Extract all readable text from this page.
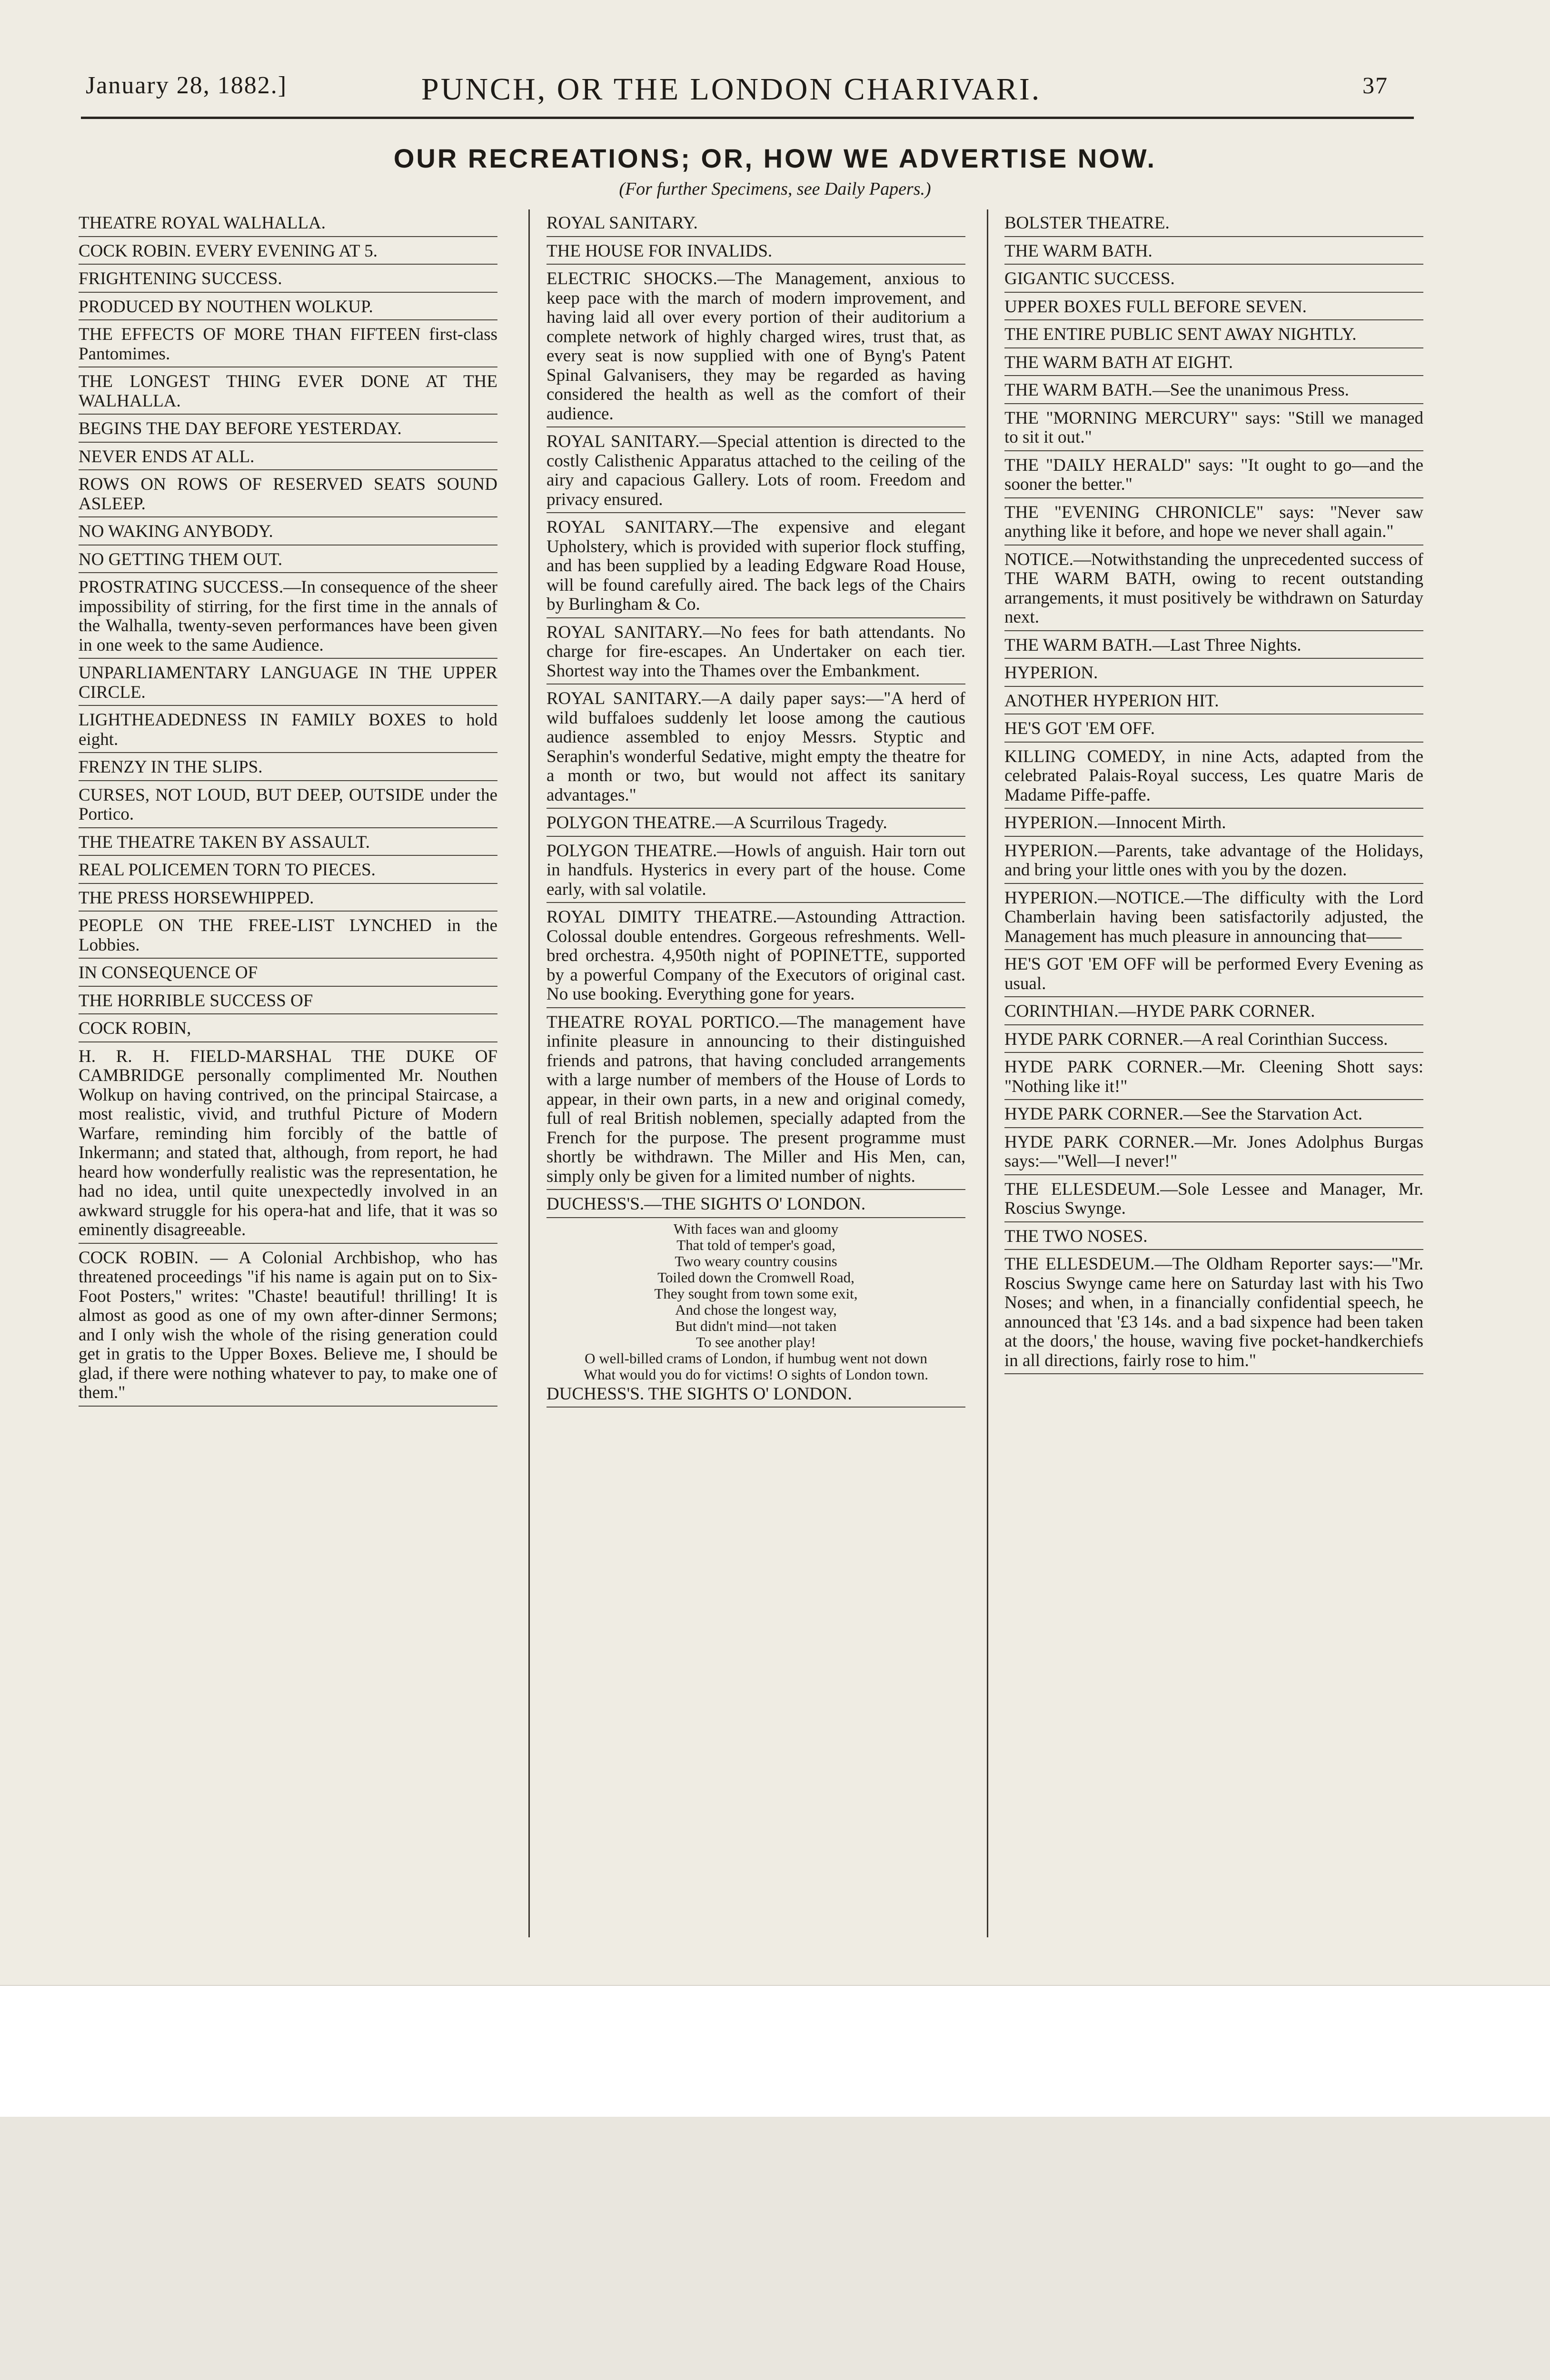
January 28, 1882.]	PUNCH, OR THE LONDON CHARIVARI.	37
OUR RECREATIONS; OR, HOW WE ADVERTISE NOW.
(For further Specimens, see Daily Papers.)

THEATRE ROYAL WALHALLA.

COCK ROBIN. EVERY EVENING AT 5.

FRIGHTENING SUCCESS.

PRODUCED BY NOUTHEN WOLKUP.

THE EFFECTS OF MORE THAN FIFTEEN first-class Pantomimes.

THE LONGEST THING EVER DONE AT THE WALHALLA.

BEGINS THE DAY BEFORE YESTERDAY.

NEVER ENDS AT ALL.

ROWS ON ROWS OF RESERVED SEATS SOUND ASLEEP.

NO WAKING ANYBODY.

NO GETTING THEM OUT.

PROSTRATING SUCCESS.—In consequence of the sheer impossibility of stirring, for the first time in the annals of the Walhalla, twenty-seven performances have been given in one week to the same Audience.

UNPARLIAMENTARY LANGUAGE IN THE UPPER CIRCLE.

LIGHTHEADEDNESS IN FAMILY BOXES to hold eight.

FRENZY IN THE SLIPS.

CURSES, NOT LOUD, BUT DEEP, OUTSIDE under the Portico.

THE THEATRE TAKEN BY ASSAULT.

REAL POLICEMEN TORN TO PIECES.

THE PRESS HORSEWHIPPED.

PEOPLE ON THE FREE-LIST LYNCHED in the Lobbies.

IN CONSEQUENCE OF

THE HORRIBLE SUCCESS OF

COCK ROBIN,

H. R. H. FIELD-MARSHAL THE DUKE OF CAMBRIDGE personally complimented Mr. Nouthen Wolkup on having contrived, on the principal Staircase, a most realistic, vivid, and truthful Picture of Modern Warfare, reminding him forcibly of the battle of Inkermann; and stated that, although, from report, he had heard how wonderfully realistic was the representation, he had no idea, until quite unexpectedly involved in an awkward struggle for his opera-hat and life, that it was so eminently disagreeable.

COCK ROBIN. — A Colonial Archbishop, who has threatened proceedings "if his name is again put on to Six-Foot Posters," writes: "Chaste! beautiful! thrilling! It is almost as good as one of my own after-dinner Sermons; and I only wish the whole of the rising generation could get in gratis to the Upper Boxes. Believe me, I should be glad, if there were nothing whatever to pay, to make one of them."

ROYAL SANITARY.

THE HOUSE FOR INVALIDS.

ELECTRIC SHOCKS.—The Management, anxious to keep pace with the march of modern improvement, and having laid all over every portion of their auditorium a complete network of highly charged wires, trust that, as every seat is now supplied with one of Byng's Patent Spinal Galvanisers, they may be regarded as having considered the health as well as the comfort of their audience.

ROYAL SANITARY.—Special attention is directed to the costly Calisthenic Apparatus attached to the ceiling of the airy and capacious Gallery. Lots of room. Freedom and privacy ensured.

ROYAL SANITARY.—The expensive and elegant Upholstery, which is provided with superior flock stuffing, and has been supplied by a leading Edgware Road House, will be found carefully aired. The back legs of the Chairs by Burlingham & Co.

ROYAL SANITARY.—No fees for bath attendants. No charge for fire-escapes. An Undertaker on each tier. Shortest way into the Thames over the Embankment.

ROYAL SANITARY.—A daily paper says:—"A herd of wild buffaloes suddenly let loose among the cautious audience assembled to enjoy Messrs. Styptic and Seraphin's wonderful Sedative, might empty the theatre for a month or two, but would not affect its sanitary advantages."

POLYGON THEATRE.—A Scurrilous Tragedy.

POLYGON THEATRE.—Howls of anguish. Hair torn out in handfuls. Hysterics in every part of the house. Come early, with sal volatile.

ROYAL DIMITY THEATRE.—Astounding Attraction. Colossal double entendres. Gorgeous refreshments. Well-bred orchestra. 4,950th night of POPINETTE, supported by a powerful Company of the Executors of original cast. No use booking. Everything gone for years.

THEATRE ROYAL PORTICO.—The management have infinite pleasure in announcing to their distinguished friends and patrons, that having concluded arrangements with a large number of members of the House of Lords to appear, in their own parts, in a new and original comedy, full of real British noblemen, specially adapted from the French for the purpose. The present programme must shortly be withdrawn. The Miller and His Men, can, simply only be given for a limited number of nights.

DUCHESS'S.—THE SIGHTS O' LONDON.

With faces wan and gloomy
That told of temper's goad,
Two weary country cousins
Toiled down the Cromwell Road,
They sought from town some exit,
And chose the longest way,
But didn't mind—not taken
To see another play!
O well-billed crams of London, if humbug went not down
What would you do for victims! O sights of London town.

DUCHESS'S. THE SIGHTS O' LONDON.

BOLSTER THEATRE.

THE WARM BATH.

GIGANTIC SUCCESS.

UPPER BOXES FULL BEFORE SEVEN.

THE ENTIRE PUBLIC SENT AWAY NIGHTLY.

THE WARM BATH AT EIGHT.

THE WARM BATH.—See the unanimous Press.

THE "MORNING MERCURY" says: "Still we managed to sit it out."

THE "DAILY HERALD" says: "It ought to go—and the sooner the better."

THE "EVENING CHRONICLE" says: "Never saw anything like it before, and hope we never shall again."

NOTICE.—Notwithstanding the unprecedented success of THE WARM BATH, owing to recent outstanding arrangements, it must positively be withdrawn on Saturday next.

THE WARM BATH.—Last Three Nights.

HYPERION.

ANOTHER HYPERION HIT.

HE'S GOT 'EM OFF.

KILLING COMEDY, in nine Acts, adapted from the celebrated Palais-Royal success, Les quatre Maris de Madame Piffe-paffe.

HYPERION.—Innocent Mirth.

HYPERION.—Parents, take advantage of the Holidays, and bring your little ones with you by the dozen.

HYPERION.—NOTICE.—The difficulty with the Lord Chamberlain having been satisfactorily adjusted, the Management has much pleasure in announcing that——

HE'S GOT 'EM OFF will be performed Every Evening as usual.

CORINTHIAN.—HYDE PARK CORNER.

HYDE PARK CORNER.—A real Corinthian Success.

HYDE PARK CORNER.—Mr. Cleening Shott says: "Nothing like it!"

HYDE PARK CORNER.—See the Starvation Act.

HYDE PARK CORNER.—Mr. Jones Adolphus Burgas says:—"Well—I never!"

THE ELLESDEUM.—Sole Lessee and Manager, Mr. Roscius Swynge.

THE TWO NOSES.

THE ELLESDEUM.—The Oldham Reporter says:—"Mr. Roscius Swynge came here on Saturday last with his Two Noses; and when, in a financially confidential speech, he announced that '£3 14s. and a bad sixpence had been taken at the doors,' the house, waving five pocket-handkerchiefs in all directions, fairly rose to him."
